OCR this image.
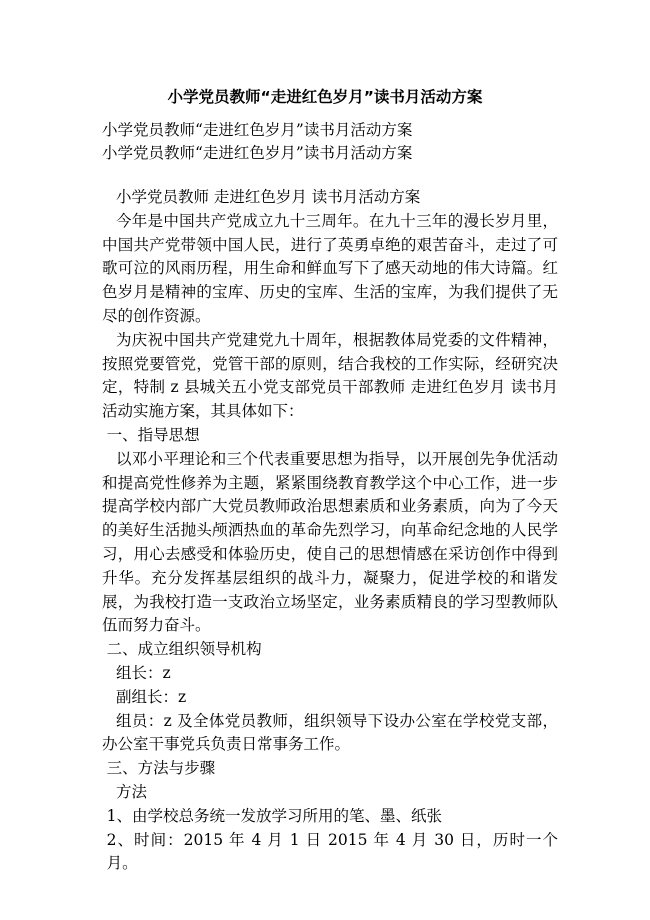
小学党员教师“走进红色岁月”读书月活动方案
小学党员教师“走进红色岁月”读书月活动方案
小学党员教师“走进红色岁月”读书月活动方案

小学党员教师 走进红色岁月 读书月活动方案

今年是中国共产党成立九十三周年。在九十三年的漫长岁月里，中国共产党带领中国人民，进行了英勇卓绝的艰苦奋斗，走过了可歌可泣的风雨历程，用生命和鲜血写下了感天动地的伟大诗篇。红色岁月是精神的宝库、历史的宝库、生活的宝库，为我们提供了无尽的创作资源。

为庆祝中国共产党建党九十周年，根据教体局党委的文件精神，按照党要管党，党管干部的原则，结合我校的工作实际，经研究决定，特制 z 县城关五小党支部党员干部教师 走进红色岁月 读书月活动实施方案，其具体如下：

一、指导思想

以邓小平理论和三个代表重要思想为指导，以开展创先争优活动和提高党性修养为主题，紧紧围绕教育教学这个中心工作，进一步提高学校内部广大党员教师政治思想素质和业务素质，向为了今天的美好生活抛头颅洒热血的革命先烈学习，向革命纪念地的人民学习，用心去感受和体验历史，使自己的思想情感在采访创作中得到升华。充分发挥基层组织的战斗力，凝聚力，促进学校的和谐发展，为我校打造一支政治立场坚定，业务素质精良的学习型教师队伍而努力奋斗。

二、成立组织领导机构

组长：z

副组长：z

组员：z 及全体党员教师，组织领导下设办公室在学校党支部，办公室干事党兵负责日常事务工作。

三、方法与步骤

方法

1、由学校总务统一发放学习所用的笔、墨、纸张

2、时间：2015 年 4 月 1 日 2015 年 4 月 30 日，历时一个月。
